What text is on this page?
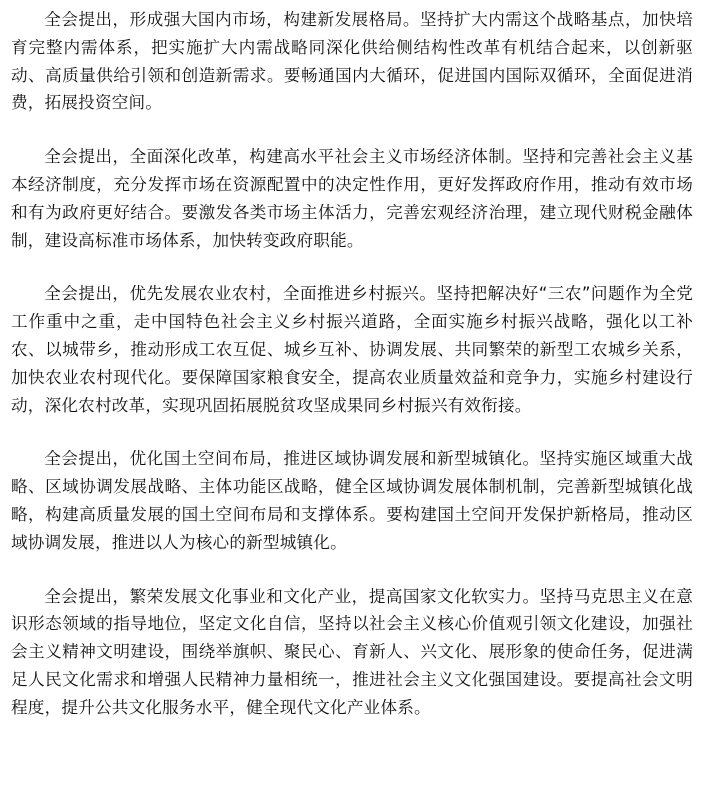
全会提出，形成强大国内市场，构建新发展格局。坚持扩大内需这个战略基点，加快培育完整内需体系，把实施扩大内需战略同深化供给侧结构性改革有机结合起来，以创新驱动、高质量供给引领和创造新需求。要畅通国内大循环，促进国内国际双循环，全面促进消费，拓展投资空间。

全会提出，全面深化改革，构建高水平社会主义市场经济体制。坚持和完善社会主义基本经济制度，充分发挥市场在资源配置中的决定性作用，更好发挥政府作用，推动有效市场和有为政府更好结合。要激发各类市场主体活力，完善宏观经济治理，建立现代财税金融体制，建设高标准市场体系，加快转变政府职能。

全会提出，优先发展农业农村，全面推进乡村振兴。坚持把解决好“三农”问题作为全党工作重中之重，走中国特色社会主义乡村振兴道路，全面实施乡村振兴战略，强化以工补农、以城带乡，推动形成工农互促、城乡互补、协调发展、共同繁荣的新型工农城乡关系，加快农业农村现代化。要保障国家粮食安全，提高农业质量效益和竞争力，实施乡村建设行动，深化农村改革，实现巩固拓展脱贫攻坚成果同乡村振兴有效衔接。

全会提出，优化国土空间布局，推进区域协调发展和新型城镇化。坚持实施区域重大战略、区域协调发展战略、主体功能区战略，健全区域协调发展体制机制，完善新型城镇化战略，构建高质量发展的国土空间布局和支撑体系。要构建国土空间开发保护新格局，推动区域协调发展，推进以人为核心的新型城镇化。

全会提出，繁荣发展文化事业和文化产业，提高国家文化软实力。坚持马克思主义在意识形态领域的指导地位，坚定文化自信，坚持以社会主义核心价值观引领文化建设，加强社会主义精神文明建设，围绕举旗帜、聚民心、育新人、兴文化、展形象的使命任务，促进满足人民文化需求和增强人民精神力量相统一，推进社会主义文化强国建设。要提高社会文明程度，提升公共文化服务水平，健全现代文化产业体系。
